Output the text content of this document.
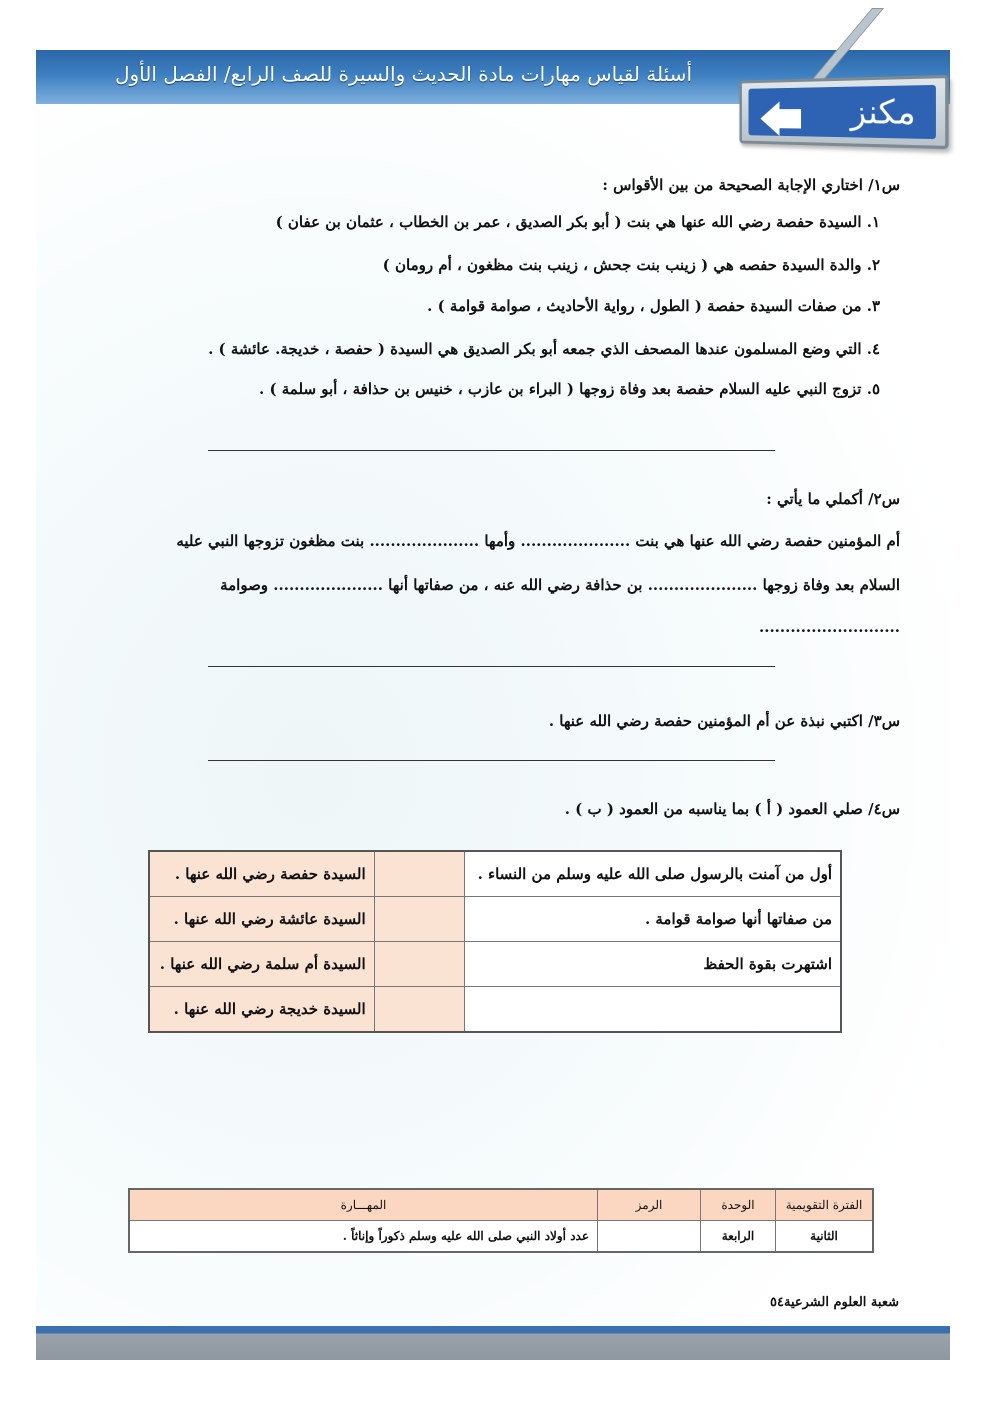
أسئلة لقياس مهارات مادة الحديث والسيرة للصف الرابع/ الفصل الأول
مكنز
س١/ اختاري الإجابة الصحيحة من بين الأقواس :
١. السيدة حفصة رضي الله عنها هي بنت ( أبو بكر الصديق ، عمر بن الخطاب ، عثمان بن عفان )
٢. والدة السيدة حفصه هي ( زينب بنت جحش ، زينب بنت مظغون ، أم رومان )
٣. من صفات السيدة حفصة ( الطول ، رواية الأحاديث ، صوامة قوامة ) .
٤. التي وضع المسلمون عندها المصحف الذي جمعه أبو بكر الصديق هي السيدة ( حفصة ، خديجة. عائشة ) .
٥. تزوج النبي عليه السلام حفصة بعد وفاة زوجها ( البراء بن عازب ، خنيس بن حذافة ، أبو سلمة ) .
س٢/ أكملي ما يأتي :
أم المؤمنين حفصة رضي الله عنها هي بنت ..................... وأمها ..................... بنت مظغون تزوجها النبي عليه
السلام بعد وفاة زوجها ..................... بن حذافة رضي الله عنه ، من صفاتها أنها ..................... وصوامة
...........................
س٣/ اكتبي نبذة عن أم المؤمنين حفصة رضي الله عنها .
س٤/ صلي العمود ( أ ) بما يناسبه من العمود ( ب ) .
أول من آمنت بالرسول صلى الله عليه وسلم من النساء .		السيدة حفصة رضي الله عنها .
من صفاتها أنها صوامة قوامة .		السيدة عائشة رضي الله عنها .
اشتهرت بقوة الحفظ		السيدة أم سلمة رضي الله عنها .
		السيدة خديجة رضي الله عنها .
الفترة التقويمية	الوحدة	الرمز	المهـــارة
الثانية	الرابعة		عدد أولاد النبي صلى الله عليه وسلم ذكوراً وإناثاً .
شعبة العلوم الشرعية٥٤
